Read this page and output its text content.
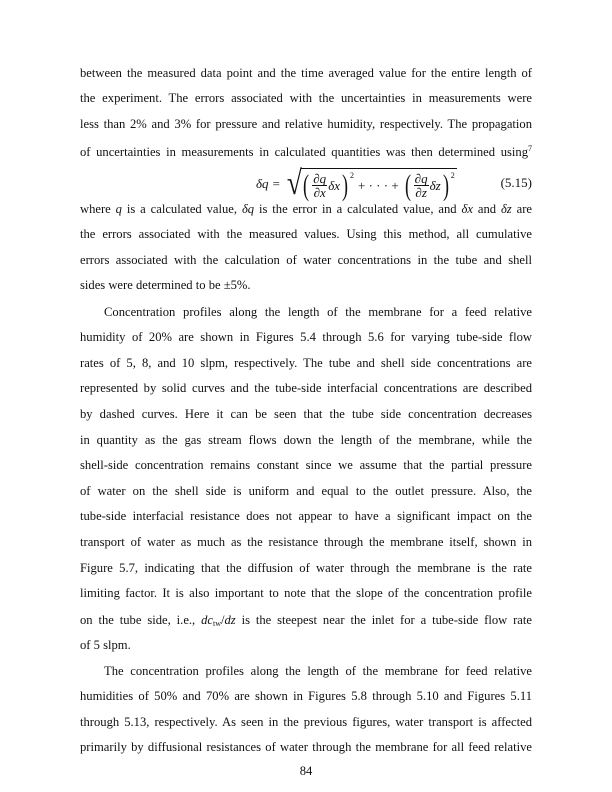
between the measured data point and the time averaged value for the entire length of
the experiment. The errors associated with the uncertainties in measurements were
less than 2% and 3% for pressure and relative humidity, respectively. The propagation
of uncertainties in measurements in calculated quantities was then determined using$^7$
δq = √ ( $\frac{\partial q}{\partial x}$ δx ) $^2$
+ · · · + ( $\frac{\partial q}{\partial z}$ δz ) $^2$	(5.15)
where q is a calculated value, δq is the error in a calculated value, and δx and δz are
the errors associated with the measured values. Using this method, all cumulative
errors associated with the calculation of water concentrations in the tube and shell
sides were determined to be ±5%.
Concentration profiles along the length of the membrane for a feed relative
humidity of 20% are shown in Figures 5.4 through 5.6 for varying tube-side flow
rates of 5, 8, and 10 slpm, respectively. The tube and shell side concentrations are
represented by solid curves and the tube-side interfacial concentrations are described
by dashed curves. Here it can be seen that the tube side concentration decreases
in quantity as the gas stream flows down the length of the membrane, while the
shell-side concentration remains constant since we assume that the partial pressure
of water on the shell side is uniform and equal to the outlet pressure. Also, the
tube-side interfacial resistance does not appear to have a significant impact on the
transport of water as much as the resistance through the membrane itself, shown in
Figure 5.7, indicating that the diffusion of water through the membrane is the rate
limiting factor. It is also important to note that the slope of the concentration profile
on the tube side, i.e., $dc_{tw}/dz$ is the steepest near the inlet for a tube-side flow rate
of 5 slpm.
The concentration profiles along the length of the membrane for feed relative
humidities of 50% and 70% are shown in Figures 5.8 through 5.10 and Figures 5.11
through 5.13, respectively. As seen in the previous figures, water transport is affected
primarily by diffusional resistances of water through the membrane for all feed relative
84
